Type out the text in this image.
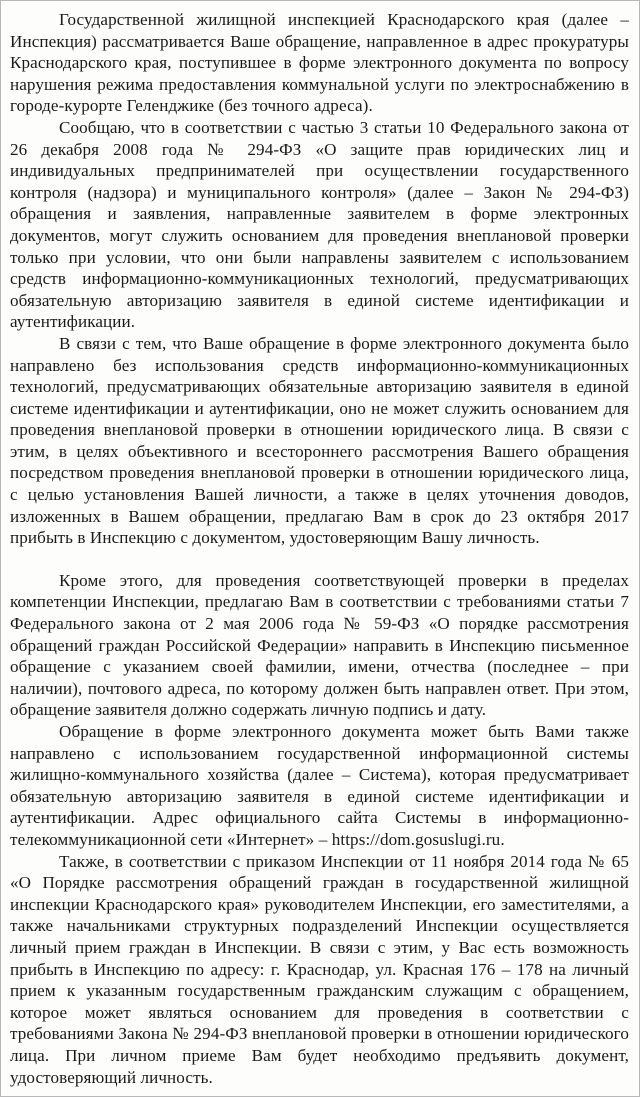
Государственной жилищной инспекцией Краснодарского края (далее – Инспекция) рассматривается Ваше обращение, направленное в адрес прокуратуры Краснодарского края, поступившее в форме электронного документа по вопросу нарушения режима предоставления коммунальной услуги по электроснабжению в городе-курорте Геленджике (без точного адреса).

Сообщаю, что в соответствии с частью 3 статьи 10 Федерального закона от 26 декабря 2008 года № 294-ФЗ «О защите прав юридических лиц и индивидуальных предпринимателей при осуществлении государственного контроля (надзора) и муниципального контроля» (далее – Закон № 294-ФЗ) обращения и заявления, направленные заявителем в форме электронных документов, могут служить основанием для проведения внеплановой проверки только при условии, что они были направлены заявителем с использованием средств информационно-коммуникационных технологий, предусматривающих обязательную авторизацию заявителя в единой системе идентификации и аутентификации.

В связи с тем, что Ваше обращение в форме электронного документа было направлено без использования средств информационно-коммуникационных технологий, предусматривающих обязательные авторизацию заявителя в единой системе идентификации и аутентификации, оно не может служить основанием для проведения внеплановой проверки в отношении юридического лица. В связи с этим, в целях объективного и всестороннего рассмотрения Вашего обращения посредством проведения внеплановой проверки в отношении юридического лица, с целью установления Вашей личности, а также в целях уточнения доводов, изложенных в Вашем обращении, предлагаю Вам в срок до 23 октября 2017 прибыть в Инспекцию с документом, удостоверяющим Вашу личность.

Кроме этого, для проведения соответствующей проверки в пределах компетенции Инспекции, предлагаю Вам в соответствии с требованиями статьи 7 Федерального закона от 2 мая 2006 года № 59-ФЗ «О порядке рассмотрения обращений граждан Российской Федерации» направить в Инспекцию письменное обращение с указанием своей фамилии, имени, отчества (последнее – при наличии), почтового адреса, по которому должен быть направлен ответ. При этом, обращение заявителя должно содержать личную подпись и дату.

Обращение в форме электронного документа может быть Вами также направлено с использованием государственной информационной системы жилищно-коммунального хозяйства (далее – Система), которая предусматривает обязательную авторизацию заявителя в единой системе идентификации и аутентификации. Адрес официального сайта Системы в информационно-телекоммуникационной сети «Интернет» – https://dom.gosuslugi.ru.

Также, в соответствии с приказом Инспекции от 11 ноября 2014 года № 65 «О Порядке рассмотрения обращений граждан в государственной жилищной инспекции Краснодарского края» руководителем Инспекции, его заместителями, а также начальниками структурных подразделений Инспекции осуществляется личный прием граждан в Инспекции. В связи с этим, у Вас есть возможность прибыть в Инспекцию по адресу: г. Краснодар, ул. Красная 176 – 178 на личный прием к указанным государственным гражданским служащим с обращением, которое может являться основанием для проведения в соответствии с требованиями Закона № 294-ФЗ внеплановой проверки в отношении юридического лица. При личном приеме Вам будет необходимо предъявить документ, удостоверяющий личность.
